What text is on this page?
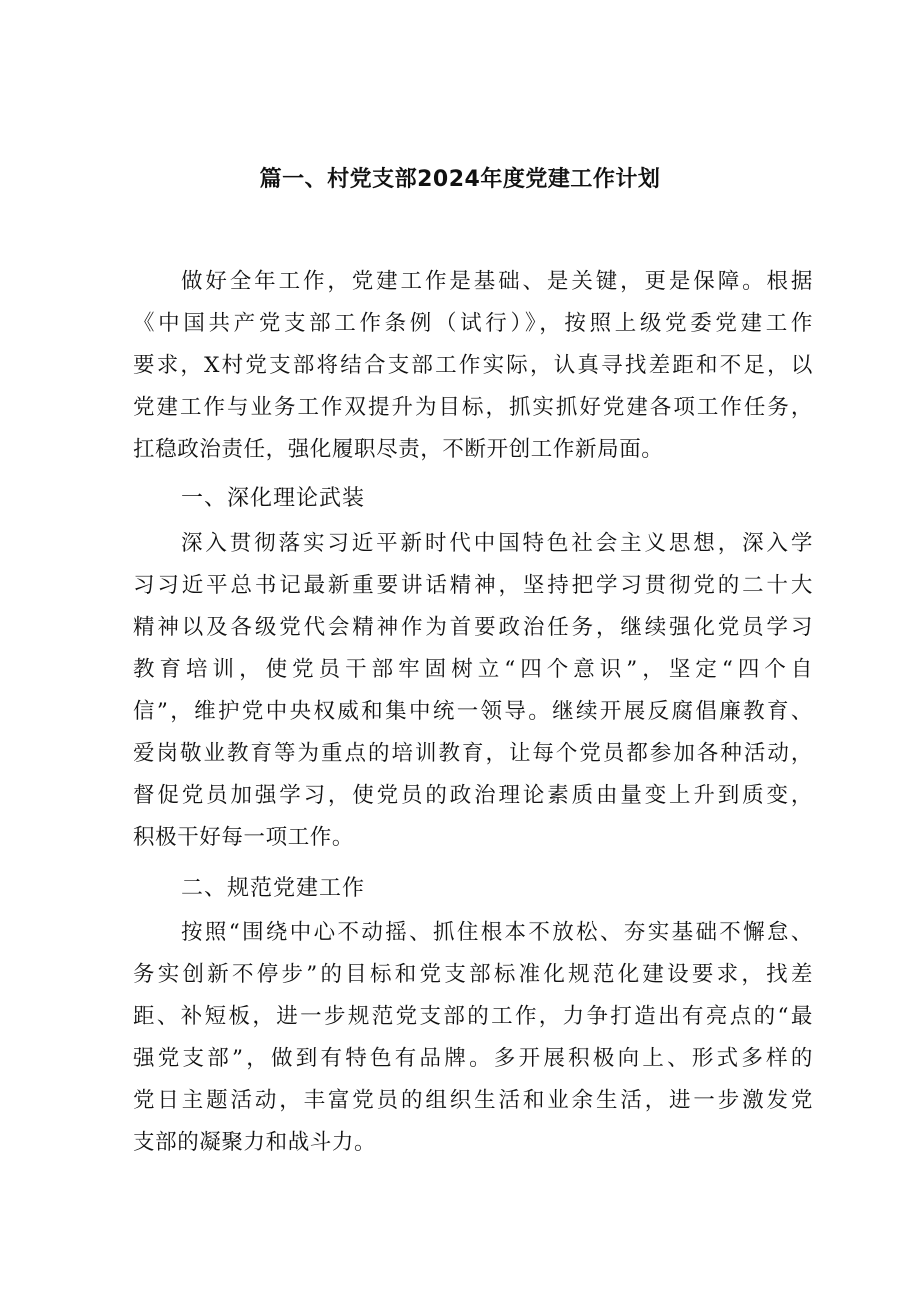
篇一、村党支部2024年度党建工作计划
做好全年工作，党建工作是基础、是关键，更是保障。根据
《中国共产党支部工作条例（试行）》，按照上级党委党建工作
要求，X村党支部将结合支部工作实际，认真寻找差距和不足，以
党建工作与业务工作双提升为目标，抓实抓好党建各项工作任务，
扛稳政治责任，强化履职尽责，不断开创工作新局面。
一、深化理论武装
深入贯彻落实习近平新时代中国特色社会主义思想，深入学
习习近平总书记最新重要讲话精神，坚持把学习贯彻党的二十大
精神以及各级党代会精神作为首要政治任务，继续强化党员学习
教育培训，使党员干部牢固树立“四个意识”，坚定“四个自
信”，维护党中央权威和集中统一领导。继续开展反腐倡廉教育、
爱岗敬业教育等为重点的培训教育，让每个党员都参加各种活动，
督促党员加强学习，使党员的政治理论素质由量变上升到质变，
积极干好每一项工作。
二、规范党建工作
按照“围绕中心不动摇、抓住根本不放松、夯实基础不懈怠、
务实创新不停步”的目标和党支部标准化规范化建设要求，找差
距、补短板，进一步规范党支部的工作，力争打造出有亮点的“最
强党支部”，做到有特色有品牌。多开展积极向上、形式多样的
党日主题活动，丰富党员的组织生活和业余生活，进一步激发党
支部的凝聚力和战斗力。
